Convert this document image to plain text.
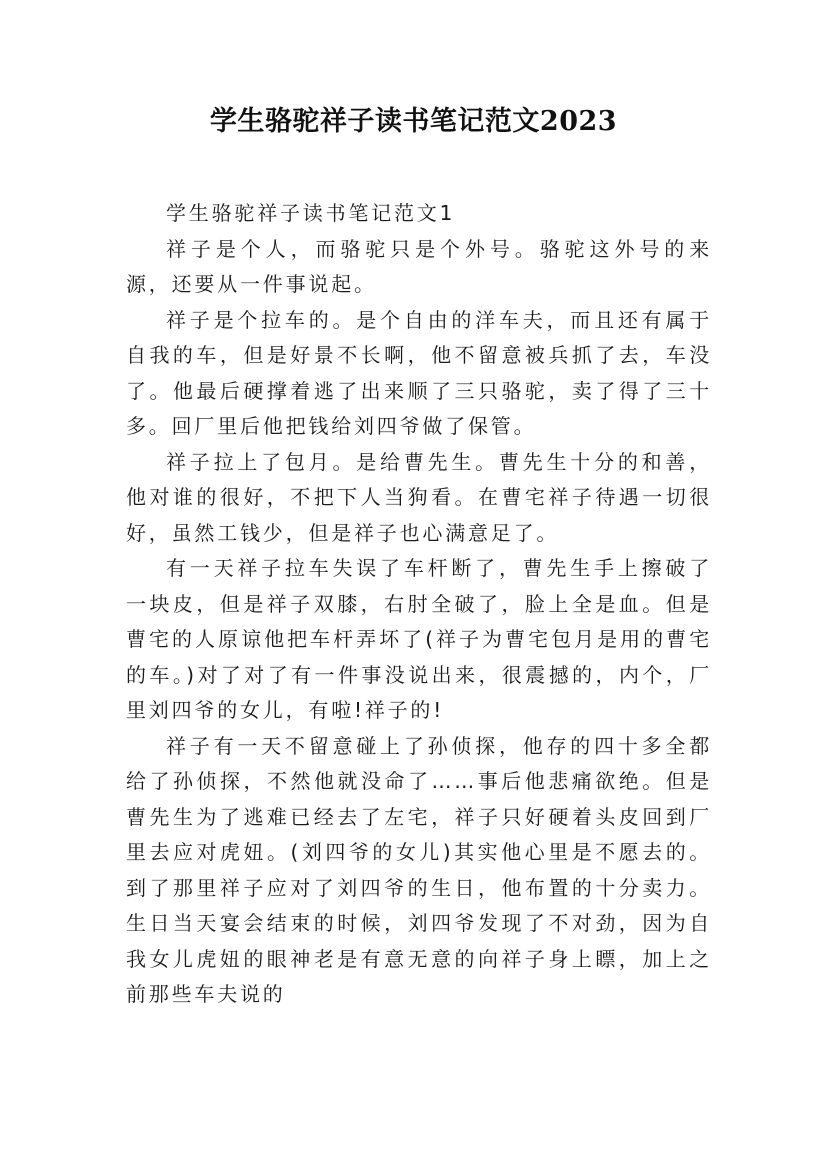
学生骆驼祥子读书笔记范文2023

学生骆驼祥子读书笔记范文1

祥子是个人，而骆驼只是个外号。骆驼这外号的来源，还要从一件事说起。

祥子是个拉车的。是个自由的洋车夫，而且还有属于自我的车，但是好景不长啊，他不留意被兵抓了去，车没了。他最后硬撑着逃了出来顺了三只骆驼，卖了得了三十多。回厂里后他把钱给刘四爷做了保管。

祥子拉上了包月。是给曹先生。曹先生十分的和善，他对谁的很好，不把下人当狗看。在曹宅祥子待遇一切很好，虽然工钱少，但是祥子也心满意足了。

有一天祥子拉车失误了车杆断了，曹先生手上擦破了一块皮，但是祥子双膝，右肘全破了，脸上全是血。但是曹宅的人原谅他把车杆弄坏了(祥子为曹宅包月是用的曹宅的车。)对了对了有一件事没说出来，很震撼的，内个，厂里刘四爷的女儿，有啦!祥子的!

祥子有一天不留意碰上了孙侦探，他存的四十多全都给了孙侦探，不然他就没命了……事后他悲痛欲绝。但是曹先生为了逃难已经去了左宅，祥子只好硬着头皮回到厂里去应对虎妞。(刘四爷的女儿)其实他心里是不愿去的。到了那里祥子应对了刘四爷的生日，他布置的十分卖力。生日当天宴会结束的时候，刘四爷发现了不对劲，因为自我女儿虎妞的眼神老是有意无意的向祥子身上瞟，加上之前那些车夫说的
